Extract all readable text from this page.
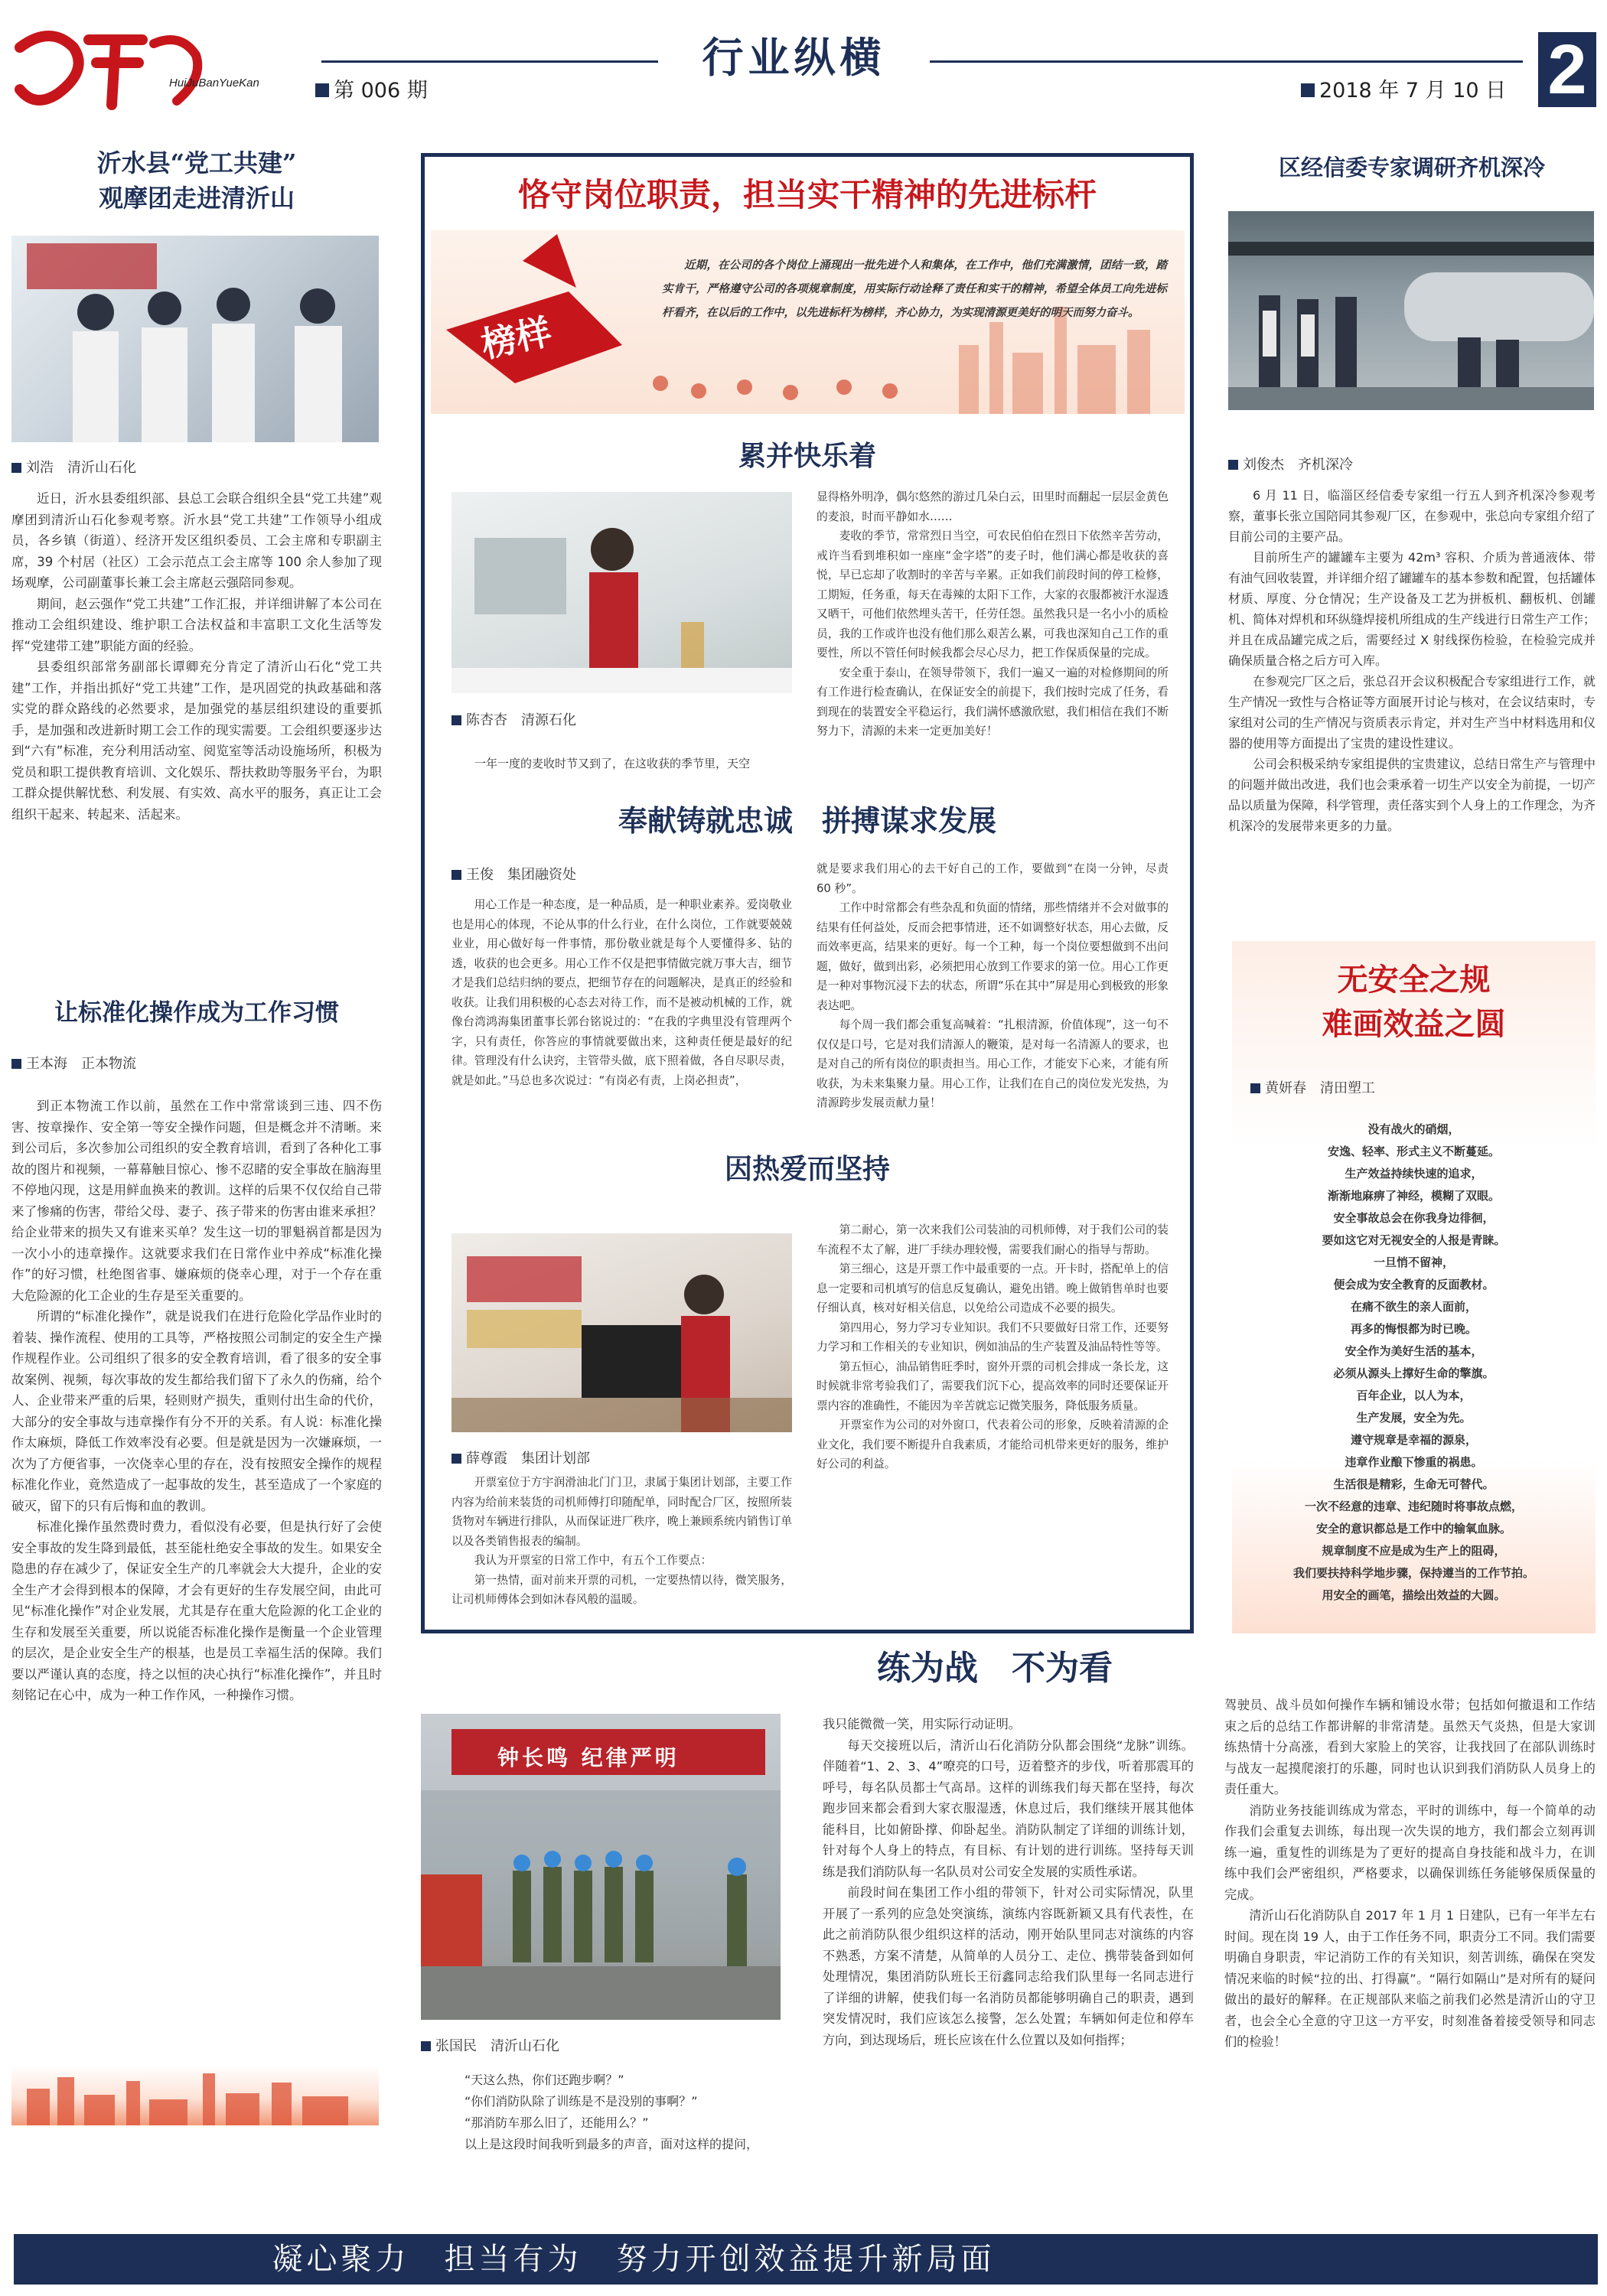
HuiJuBanYueKan
行业纵横
第 006 期	2018 年 7 月 10 日 2
沂水县“党工共建”
观摩团走进清沂山
刘浩　清沂山石化

近日，沂水县委组织部、县总工会联合组织全县“党工共建”观摩团到清沂山石化参观考察。沂水县“党工共建”工作领导小组成员，各乡镇（街道）、经济开发区组织委员、工会主席和专职副主席，39 个村居（社区）工会示范点工会主席等 100 余人参加了现场观摩，公司副董事长兼工会主席赵云强陪同参观。

期间，赵云强作“党工共建”工作汇报，并详细讲解了本公司在推动工会组织建设、维护职工合法权益和丰富职工文化生活等发挥“党建带工建”职能方面的经验。

县委组织部常务副部长谭卿充分肯定了清沂山石化“党工共建”工作，并指出抓好“党工共建”工作，是巩固党的执政基础和落实党的群众路线的必然要求，是加强党的基层组织建设的重要抓手，是加强和改进新时期工会工作的现实需要。工会组织要逐步达到“六有”标准，充分利用活动室、阅览室等活动设施场所，积极为党员和职工提供教育培训、文化娱乐、帮扶救助等服务平台，为职工群众提供解忧愁、利发展、有实效、高水平的服务，真正让工会组织干起来、转起来、活起来。

让标准化操作成为工作习惯
王本海　正本物流

到正本物流工作以前，虽然在工作中常常谈到三违、四不伤害、按章操作、安全第一等安全操作问题，但是概念并不清晰。来到公司后，多次参加公司组织的安全教育培训，看到了各种化工事故的图片和视频，一幕幕触目惊心、惨不忍睹的安全事故在脑海里不停地闪现，这是用鲜血换来的教训。这样的后果不仅仅给自己带来了惨痛的伤害，带给父母、妻子、孩子带来的伤害由谁来承担？给企业带来的损失又有谁来买单？发生这一切的罪魁祸首都是因为一次小小的违章操作。这就要求我们在日常作业中养成“标准化操作”的好习惯，杜绝图省事、嫌麻烦的侥幸心理，对于一个存在重大危险源的化工企业的生存是至关重要的。

所谓的“标准化操作”，就是说我们在进行危险化学品作业时的着装、操作流程、使用的工具等，严格按照公司制定的安全生产操作规程作业。公司组织了很多的安全教育培训，看了很多的安全事故案例、视频，每次事故的发生都给我们留下了永久的伤痛，给个人、企业带来严重的后果，轻则财产损失，重则付出生命的代价，大部分的安全事故与违章操作有分不开的关系。有人说：标准化操作太麻烦，降低工作效率没有必要。但是就是因为一次嫌麻烦，一次为了方便省事，一次侥幸心里的存在，没有按照安全操作的规程标准化作业，竟然造成了一起事故的发生，甚至造成了一个家庭的破灭，留下的只有后悔和血的教训。

标准化操作虽然费时费力，看似没有必要，但是执行好了会使安全事故的发生降到最低，甚至能杜绝安全事故的发生。如果安全隐患的存在减少了，保证安全生产的几率就会大大提升，企业的安全生产才会得到根本的保障，才会有更好的生存发展空间，由此可见“标准化操作”对企业发展，尤其是存在重大危险源的化工企业的生存和发展至关重要，所以说能否标准化操作是衡量一个企业管理的层次，是企业安全生产的根基，也是员工幸福生活的保障。我们要以严谨认真的态度，持之以恒的决心执行“标准化操作”，并且时刻铭记在心中，成为一种工作作风，一种操作习惯。

恪守岗位职责，担当实干精神的先进标杆
榜样
近期，在公司的各个岗位上涌现出一批先进个人和集体，在工作中，他们充满激情，团结一致，踏实肯干，严格遵守公司的各项规章制度，用实际行动诠释了责任和实干的精神，希望全体员工向先进标杆看齐，在以后的工作中，以先进标杆为榜样，齐心协力，为实现清源更美好的明天而努力奋斗。
累并快乐着
陈杏杏　清源石化
一年一度的麦收时节又到了，在这收获的季节里，天空

显得格外明净，偶尔悠然的游过几朵白云，田里时而翻起一层层金黄色的麦浪，时而平静如水……

麦收的季节，常常烈日当空，可农民伯伯在烈日下依然辛苦劳动，戒许当看到堆积如一座座“金字塔”的麦子时，他们满心都是收获的喜悦，早已忘却了收割时的辛苦与辛累。正如我们前段时间的停工检修，工期短，任务重，每天在毒辣的太阳下工作，大家的衣服都被汗水湿透又晒干，可他们依然埋头苦干，任劳任怨。虽然我只是一名小小的质检员，我的工作或许也没有他们那么艰苦么累，可我也深知自己工作的重要性，所以不管任何时候我都会尽心尽力，把工作保质保量的完成。

安全重于泰山，在领导带领下，我们一遍又一遍的对检修期间的所有工作进行检查确认，在保证安全的前提下，我们按时完成了任务，看到现在的装置安全平稳运行，我们满怀感激欣慰，我们相信在我们不断努力下，清源的未来一定更加美好！

奉献铸就忠诚　拼搏谋求发展
王俊　集团融资处

用心工作是一种态度，是一种品质，是一种职业素养。爱岗敬业也是用心的体现，不论从事的什么行业，在什么岗位，工作就要兢兢业业，用心做好每一件事情，那份敬业就是每个人要懂得多、钻的透，收获的也会更多。用心工作不仅是把事情做完就万事大吉，细节才是我们总结归纳的要点，把细节存在的问题解决，是真正的经验和收获。让我们用积极的心态去对待工作，而不是被动机械的工作，就像台湾鸿海集团董事长郭台铭说过的：“在我的字典里没有管理两个字，只有责任，你答应的事情就要做出来，这种责任便是最好的纪律。管理没有什么诀窍，主管带头做，底下照着做，各自尽职尽责，就是如此。”马总也多次说过：“有岗必有责，上岗必担责”，

就是要求我们用心的去干好自己的工作，要做到“在岗一分钟，尽责 60 秒”。

工作中时常都会有些杂乱和负面的情绪，那些情绪并不会对做事的结果有任何益处，反而会把事情进，还不如调整好状态，用心去做，反而效率更高，结果来的更好。每一个工种，每一个岗位要想做到不出问题，做好，做到出彩，必须把用心放到工作要求的第一位。用心工作更是一种对事物沉浸下去的状态，所谓“乐在其中”屏是用心到极致的形象表达吧。

每个周一我们都会重复高喊着：“扎根清源，价值体现”，这一句不仅仅是口号，它是对我们清源人的鞭策，是对每一名清源人的要求，也是对自己的所有岗位的职责担当。用心工作，才能安下心来，才能有所收获，为未来集聚力量。用心工作，让我们在自己的岗位发光发热，为清源跨步发展贡献力量！

因热爱而坚持
薛尊霞　集团计划部

开票室位于方宇润滑油北门门卫，隶属于集团计划部，主要工作内容为给前来装货的司机师傅打印随配单，同时配合厂区，按照所装货物对车辆进行排队，从而保证进厂秩序，晚上兼顾系统内销售订单以及各类销售报表的编制。

我认为开票室的日常工作中，有五个工作要点：

第一热情，面对前来开票的司机，一定要热情以待，微笑服务，让司机师傅体会到如沐春风般的温暖。

第二耐心，第一次来我们公司装油的司机师傅，对于我们公司的装车流程不太了解，进厂手续办理较慢，需要我们耐心的指导与帮助。

第三细心，这是开票工作中最重要的一点。开卡时，搭配单上的信息一定要和司机填写的信息反复确认，避免出错。晚上做销售单时也要仔细认真，核对好相关信息，以免给公司造成不必要的损失。

第四用心，努力学习专业知识。我们不只要做好日常工作，还要努力学习和工作相关的专业知识，例如油品的生产装置及油品特性等等。

第五恒心，油品销售旺季时，窗外开票的司机会排成一条长龙，这时候就非常考验我们了，需要我们沉下心，提高效率的同时还要保证开票内容的准确性，不能因为辛苦就忘记微笑服务，降低服务质量。

开票室作为公司的对外窗口，代表着公司的形象，反映着清源的企业文化，我们要不断提升自我素质，才能给司机带来更好的服务，维护好公司的利益。

区经信委专家调研齐机深冷
刘俊杰　齐机深冷

6 月 11 日，临淄区经信委专家组一行五人到齐机深冷参观考察，董事长张立国陪同其参观厂区，在参观中，张总向专家组介绍了目前公司的主要产品。

目前所生产的罐罐车主要为 42m³ 容积、介质为普通液体、带有油气回收装置，并详细介绍了罐罐车的基本参数和配置，包括罐体材质、厚度、分仓情况；生产设备及工艺为拼板机、翻板机、创罐机、简体对焊机和环纵缝焊接机所组成的生产线进行日常生产工作；并且在成品罐完成之后，需要经过 X 射线探伤检验，在检验完成并确保质量合格之后方可入库。

在参观完厂区之后，张总召开会议积极配合专家组进行工作，就生产情况一致性与合格证等方面展开讨论与核对，在会议结束时，专家组对公司的生产情况与资质表示肯定，并对生产当中材料选用和仪器的使用等方面提出了宝贵的建设性建议。

公司会积极采纳专家组提供的宝贵建议，总结日常生产与管理中的问题并做出改进，我们也会秉承着一切生产以安全为前提，一切产品以质量为保障，科学管理，责任落实到个人身上的工作理念，为齐机深冷的发展带来更多的力量。

无安全之规
难画效益之圆
黄妍春　清田塑工
没有战火的硝烟，
安逸、轻率、形式主义不断蔓延。
生产效益持续快速的追求，
渐渐地麻痹了神经，模糊了双眼。
安全事故总会在你我身边徘徊，
要如这它对无视安全的人报是青睐。
一旦悄不留神，
便会成为安全教育的反面教材。
在痛不欲生的亲人面前，
再多的悔恨都为时已晚。
安全作为美好生活的基本，
必须从源头上撑好生命的擎旗。
百年企业，以人为本，
生产发展，安全为先。
遵守规章是幸福的源泉，
违章作业酿下惨重的祸患。
生活很是精彩，生命无可替代。
一次不经意的违章、违纪随时将事故点燃，
安全的意识都总是工作中的输氧血脉。
规章制度不应是成为生产上的阻碍，
我们要扶持科学地步骤，保持遵当的工作节拍。
用安全的画笔，描绘出效益的大圆。
练为战　不为看
钟长鸣 纪律严明
张国民　清沂山石化

“天这么热，你们还跑步啊？”

“你们消防队除了训练是不是没别的事啊？”

“那消防车那么旧了，还能用么？”

以上是这段时间我听到最多的声音，面对这样的提问，

我只能微微一笑，用实际行动证明。

每天交接班以后，清沂山石化消防分队都会围绕“龙脉”训练。伴随着“1、2、3、4”嘹亮的口号，迈着整齐的步伐，听着那震耳的呼号，每名队员都士气高昂。这样的训练我们每天都在坚持，每次跑步回来都会看到大家衣服湿透，休息过后，我们继续开展其他体能科目，比如俯卧撑、仰卧起坐。消防队制定了详细的训练计划，针对每个人身上的特点，有目标、有计划的进行训练。坚持每天训练是我们消防队每一名队员对公司安全发展的实质性承诺。

前段时间在集团工作小组的带领下，针对公司实际情况，队里开展了一系列的应急处突演练，演练内容既新颖又具有代表性，在此之前消防队很少组织这样的活动，刚开始队里同志对演练的内容不熟悉，方案不清楚，从简单的人员分工、走位、携带装备到如何处理情况，集团消防队班长王衍鑫同志给我们队里每一名同志进行了详细的讲解，使我们每一名消防员都能够明确自己的职责，遇到突发情况时，我们应该怎么接警，怎么处置；车辆如何走位和停车方向，到达现场后，班长应该在什么位置以及如何指挥；

驾驶员、战斗员如何操作车辆和铺设水带；包括如何撤退和工作结束之后的总结工作都讲解的非常清楚。虽然天气炎热，但是大家训练热情十分高涨，看到大家脸上的笑容，让我找回了在部队训练时与战友一起摸爬滚打的乐趣，同时也认识到我们消防队人员身上的责任重大。

消防业务技能训练成为常态，平时的训练中，每一个简单的动作我们会重复去训练，每出现一次失误的地方，我们都会立刻再训练一遍，重复性的训练是为了更好的提高自身技能和战斗力，在训练中我们会严密组织，严格要求，以确保训练任务能够保质保量的完成。

清沂山石化消防队自 2017 年 1 月 1 日建队，已有一年半左右时间。现在岗 19 人，由于工作任务不同，职责分工不同。我们需要明确自身职责，牢记消防工作的有关知识，刻苦训练，确保在突发情况来临的时候“拉的出、打得赢”。“隔行如隔山”是对所有的疑问做出的最好的解释。在正规部队来临之前我们必然是清沂山的守卫者，也会全心全意的守卫这一方平安，时刻准备着接受领导和同志们的检验！

凝心聚力　担当有为　努力开创效益提升新局面
